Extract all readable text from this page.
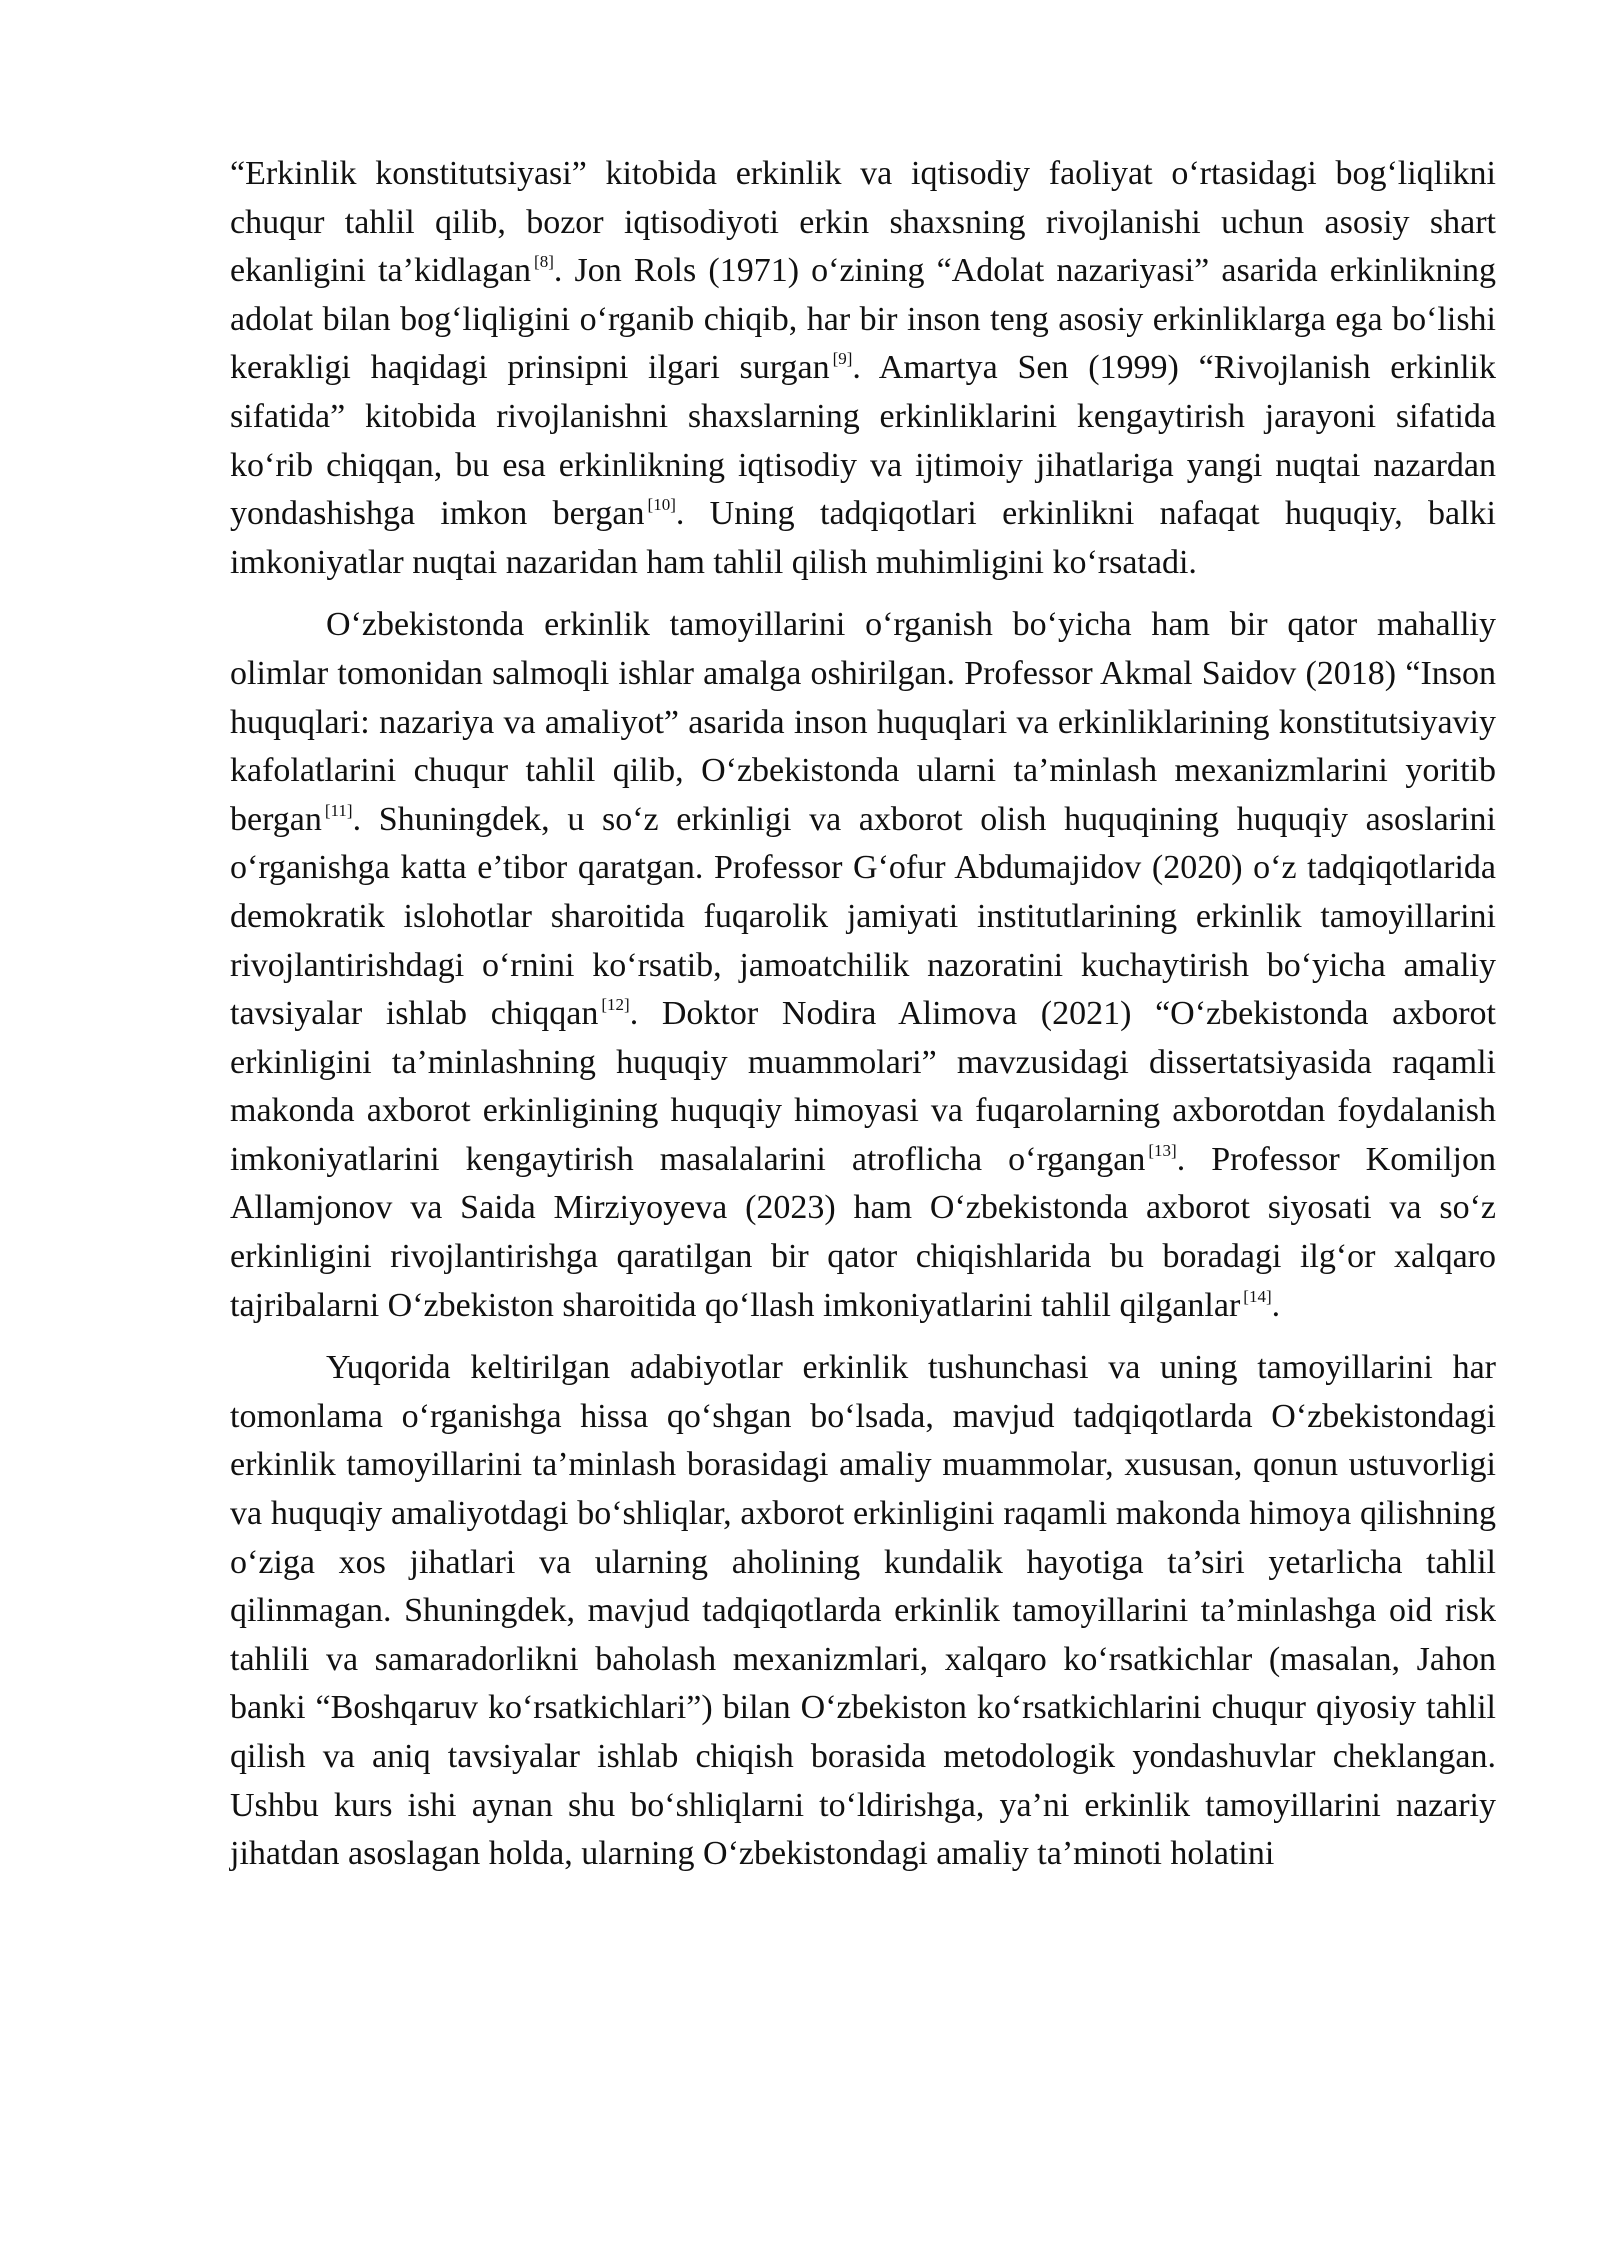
“Erkinlik konstitutsiyasi” kitobida erkinlik va iqtisodiy faoliyat o‘rtasidagi bog‘liqlikni chuqur tahlil qilib, bozor iqtisodiyoti erkin shaxsning rivojlanishi uchun asosiy shart ekanligini ta’kidlagan [8]. Jon Rols (1971) o‘zining “Adolat nazariyasi” asarida erkinlikning adolat bilan bog‘liqligini o‘rganib chiqib, har bir inson teng asosiy erkinliklarga ega bo‘lishi kerakligi haqidagi prinsipni ilgari surgan [9]. Amartya Sen (1999) “Rivojlanish erkinlik sifatida” kitobida rivojlanishni shaxslarning erkinliklarini kengaytirish jarayoni sifatida ko‘rib chiqqan, bu esa erkinlikning iqtisodiy va ijtimoiy jihatlariga yangi nuqtai nazardan yondashishga imkon bergan [10]. Uning tadqiqotlari erkinlikni nafaqat huquqiy, balki imkoniyatlar nuqtai nazaridan ham tahlil qilish muhimligini ko‘rsatadi.

O‘zbekistonda erkinlik tamoyillarini o‘rganish bo‘yicha ham bir qator mahalliy olimlar tomonidan salmoqli ishlar amalga oshirilgan. Professor Akmal Saidov (2018) “Inson huquqlari: nazariya va amaliyot” asarida inson huquqlari va erkinliklarining konstitutsiyaviy kafolatlarini chuqur tahlil qilib, O‘zbekistonda ularni ta’minlash mexanizmlarini yoritib bergan [11]. Shuningdek, u so‘z erkinligi va axborot olish huquqining huquqiy asoslarini o‘rganishga katta e’tibor qaratgan. Professor G‘ofur Abdumajidov (2020) o‘z tadqiqotlarida demokratik islohotlar sharoitida fuqarolik jamiyati institutlarining erkinlik tamoyillarini rivojlantirishdagi o‘rnini ko‘rsatib, jamoatchilik nazoratini kuchaytirish bo‘yicha amaliy tavsiyalar ishlab chiqqan [12]. Doktor Nodira Alimova (2021) “O‘zbekistonda axborot erkinligini ta’minlashning huquqiy muammolari” mavzusidagi dissertatsiyasida raqamli makonda axborot erkinligining huquqiy himoyasi va fuqarolarning axborotdan foydalanish imkoniyatlarini kengaytirish masalalarini atroflicha o‘rgangan [13]. Professor Komiljon Allamjonov va Saida Mirziyoyeva (2023) ham O‘zbekistonda axborot siyosati va so‘z erkinligini rivojlantirishga qaratilgan bir qator chiqishlarida bu boradagi ilg‘or xalqaro tajribalarni O‘zbekiston sharoitida qo‘llash imkoniyatlarini tahlil qilganlar [14].

Yuqorida keltirilgan adabiyotlar erkinlik tushunchasi va uning tamoyillarini har tomonlama o‘rganishga hissa qo‘shgan bo‘lsada, mavjud tadqiqotlarda O‘zbekistondagi erkinlik tamoyillarini ta’minlash borasidagi amaliy muammolar, xususan, qonun ustuvorligi va huquqiy amaliyotdagi bo‘shliqlar, axborot erkinligini raqamli makonda himoya qilishning o‘ziga xos jihatlari va ularning aholining kundalik hayotiga ta’siri yetarlicha tahlil qilinmagan. Shuningdek, mavjud tadqiqotlarda erkinlik tamoyillarini ta’minlashga oid risk tahlili va samaradorlikni baholash mexanizmlari, xalqaro ko‘rsatkichlar (masalan, Jahon banki “Boshqaruv ko‘rsatkichlari”) bilan O‘zbekiston ko‘rsatkichlarini chuqur qiyosiy tahlil qilish va aniq tavsiyalar ishlab chiqish borasida metodologik yondashuvlar cheklangan. Ushbu kurs ishi aynan shu bo‘shliqlarni to‘ldirishga, ya’ni erkinlik tamoyillarini nazariy jihatdan asoslagan holda, ularning O‘zbekistondagi amaliy ta’minoti holatini
